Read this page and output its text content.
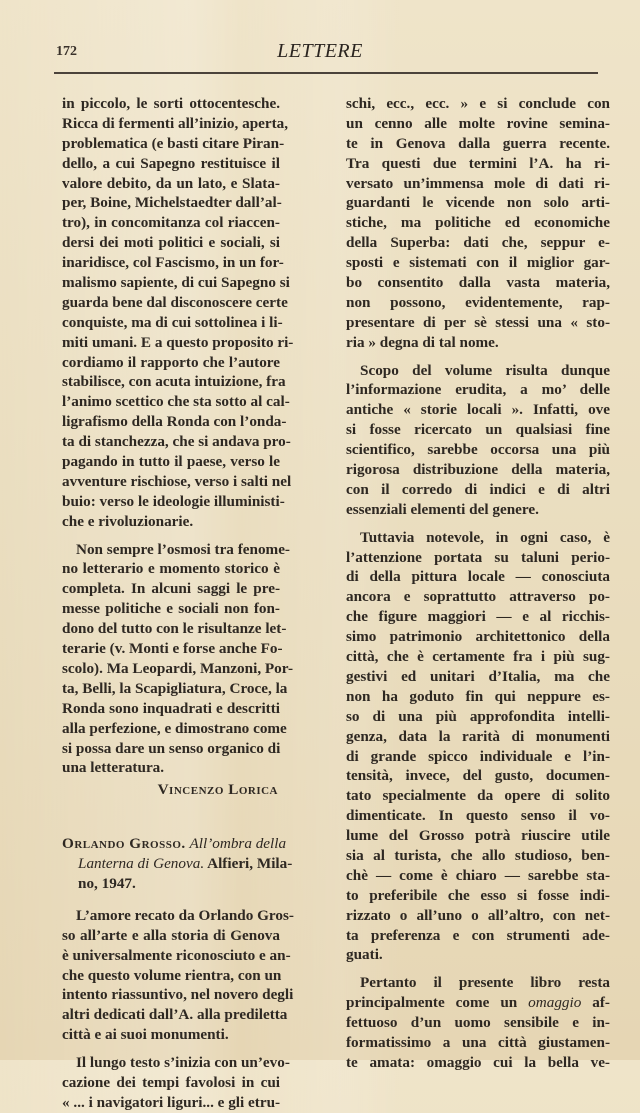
172	LETTERE
in piccolo, le sorti ottocentesche.
Ricca di fermenti all’inizio, aperta,
problematica (e basti citare Piran-
dello, a cui Sapegno restituisce il
valore debito, da un lato, e Slata-
per, Boine, Michelstaedter dall’al-
tro), in concomitanza col riaccen-
dersi dei moti politici e sociali, si
inaridisce, col Fascismo, in un for-
malismo sapiente, di cui Sapegno si
guarda bene dal disconoscere certe
conquiste, ma di cui sottolinea i li-
miti umani. E a questo proposito ri-
cordiamo il rapporto che l’autore
stabilisce, con acuta intuizione, fra
l’animo scettico che sta sotto al cal-
ligrafismo della Ronda con l’onda-
ta di stanchezza, che si andava pro-
pagando in tutto il paese, verso le
avventure rischiose, verso i salti nel
buio: verso le ideologie illuministi-
che e rivoluzionarie.
Non sempre l’osmosi tra fenome-
no letterario e momento storico è
completa. In alcuni saggi le pre-
messe politiche e sociali non fon-
dono del tutto con le risultanze let-
terarie (v. Monti e forse anche Fo-
scolo). Ma Leopardi, Manzoni, Por-
ta, Belli, la Scapigliatura, Croce, la
Ronda sono inquadrati e descritti
alla perfezione, e dimostrano come
si possa dare un senso organico di
una letteratura.
Vincenzo Lorica
Orlando Grosso. All’ombra della
Lanterna di Genova. Alfieri, Mila-
no, 1947.
L’amore recato da Orlando Gros-
so all’arte e alla storia di Genova
è universalmente riconosciuto e an-
che questo volume rientra, con un
intento riassuntivo, nel novero degli
altri dedicati dall’A. alla prediletta
città e ai suoi monumenti.
Il lungo testo s’inizia con un’evo-
cazione dei tempi favolosi in cui
« ... i navigatori liguri... e gli etru-
schi, ecc., ecc. » e si conclude con
un cenno alle molte rovine semina-
te in Genova dalla guerra recente.
Tra questi due termini l’A. ha ri-
versato un’immensa mole di dati ri-
guardanti le vicende non solo arti-
stiche, ma politiche ed economiche
della Superba: dati che, seppur e-
sposti e sistemati con il miglior gar-
bo consentito dalla vasta materia,
non possono, evidentemente, rap-
presentare di per sè stessi una « sto-
ria » degna di tal nome.
Scopo del volume risulta dunque
l’informazione erudita, a mo’ delle
antiche « storie locali ». Infatti, ove
si fosse ricercato un qualsiasi fine
scientifico, sarebbe occorsa una più
rigorosa distribuzione della materia,
con il corredo di indici e di altri
essenziali elementi del genere.
Tuttavia notevole, in ogni caso, è
l’attenzione portata su taluni perio-
di della pittura locale — conosciuta
ancora e soprattutto attraverso po-
che figure maggiori — e al ricchis-
simo patrimonio architettonico della
città, che è certamente fra i più sug-
gestivi ed unitari d’Italia, ma che
non ha goduto fin qui neppure es-
so di una più approfondita intelli-
genza, data la rarità di monumenti
di grande spicco individuale e l’in-
tensità, invece, del gusto, documen-
tato specialmente da opere di solito
dimenticate. In questo senso il vo-
lume del Grosso potrà riuscire utile
sia al turista, che allo studioso, ben-
chè — come è chiaro — sarebbe sta-
to preferibile che esso si fosse indi-
rizzato o all’uno o all’altro, con net-
ta preferenza e con strumenti ade-
guati.
Pertanto il presente libro resta
principalmente come un omaggio af-
fettuoso d’un uomo sensibile e in-
formatissimo a una città giustamen-
te amata: omaggio cui la bella ve-
